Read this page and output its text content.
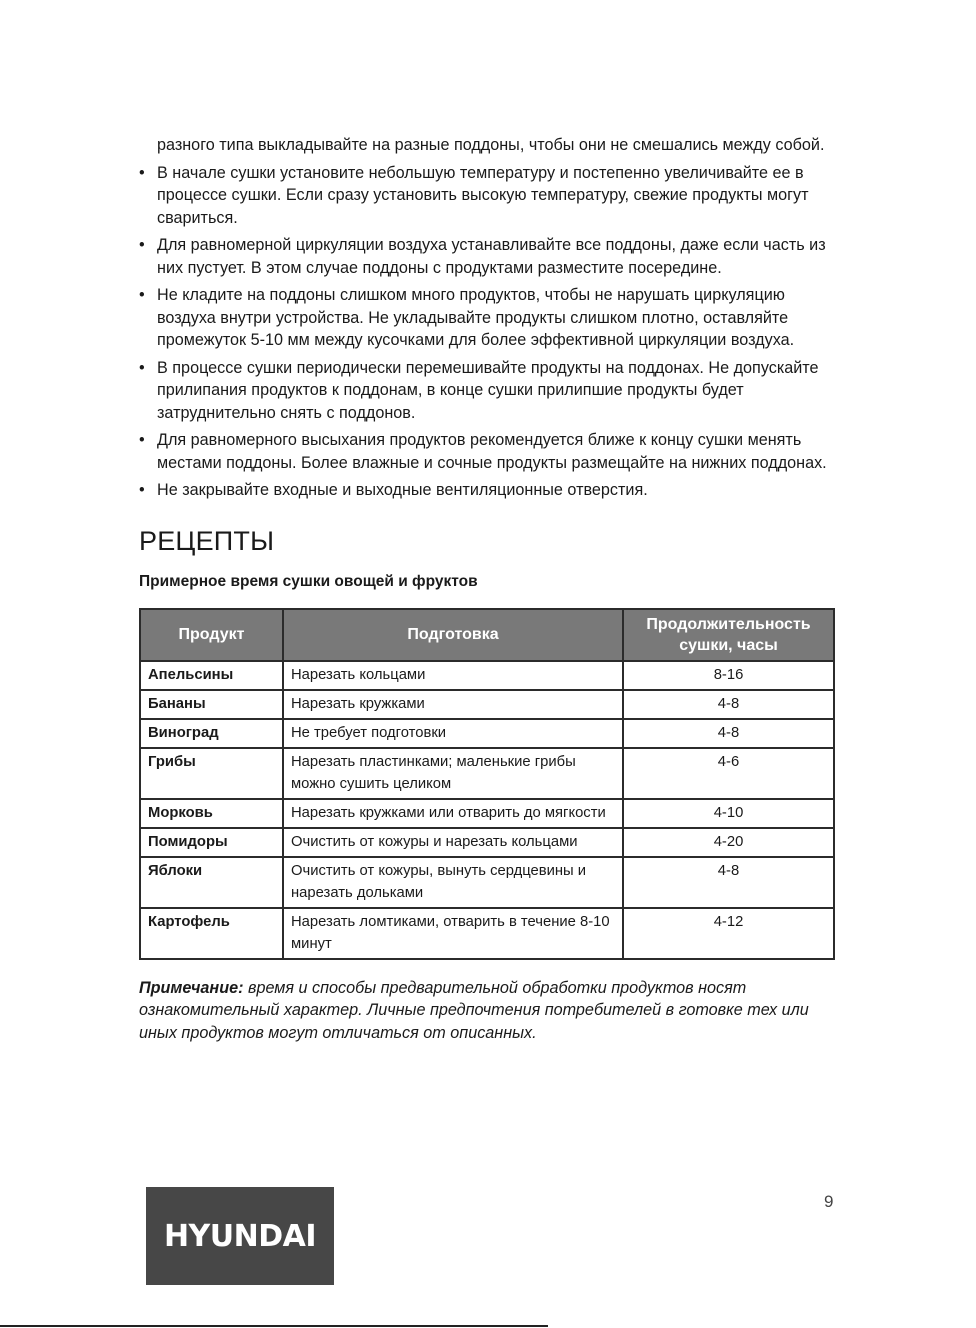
разного типа выкладывайте на разные поддоны, чтобы они не смешались между собой.
• В начале сушки установите небольшую температуру и постепенно увеличивайте ее в процессе сушки. Если сразу установить высокую температуру, свежие продукты могут свариться.
• Для равномерной циркуляции воздуха устанавливайте все поддоны, даже если часть из них пустует. В этом случае поддоны с продуктами разместите посередине.
• Не кладите на поддоны слишком много продуктов, чтобы не нарушать циркуляцию воздуха внутри устройства. Не укладывайте продукты слишком плотно, оставляйте промежуток 5-10 мм между кусочками для более эффективной циркуляции воздуха.
• В процессе сушки периодически перемешивайте продукты на поддонах. Не допускайте прилипания продуктов к поддонам, в конце сушки прилипшие продукты будет затруднительно снять с поддонов.
• Для равномерного высыхания продуктов рекомендуется ближе к концу сушки менять местами поддоны. Более влажные и сочные продукты размещайте на нижних поддонах.
• Не закрывайте входные и выходные вентиляционные отверстия.
РЕЦЕПТЫ

Примерное время сушки овощей и фруктов

Продукт	Подготовка	Продолжительность сушки, часы
Апельсины	Нарезать кольцами	8-16
Бананы	Нарезать кружками	4-8
Виноград	Не требует подготовки	4-8
Грибы	Нарезать пластинками; маленькие грибы можно сушить целиком	4-6
Морковь	Нарезать кружками или отварить до мягкости	4-10
Помидоры	Очистить от кожуры и нарезать кольцами	4-20
Яблоки	Очистить от кожуры, вынуть сердцевины и нарезать дольками	4-8
Картофель	Нарезать ломтиками, отварить в течение 8-10 минут	4-12

Примечание: время и способы предварительной обработки продуктов носят ознакомительный характер. Личные предпочтения потребителей в готовке тех или иных продуктов могут отличаться от описанных.

HYUNDAI
9
